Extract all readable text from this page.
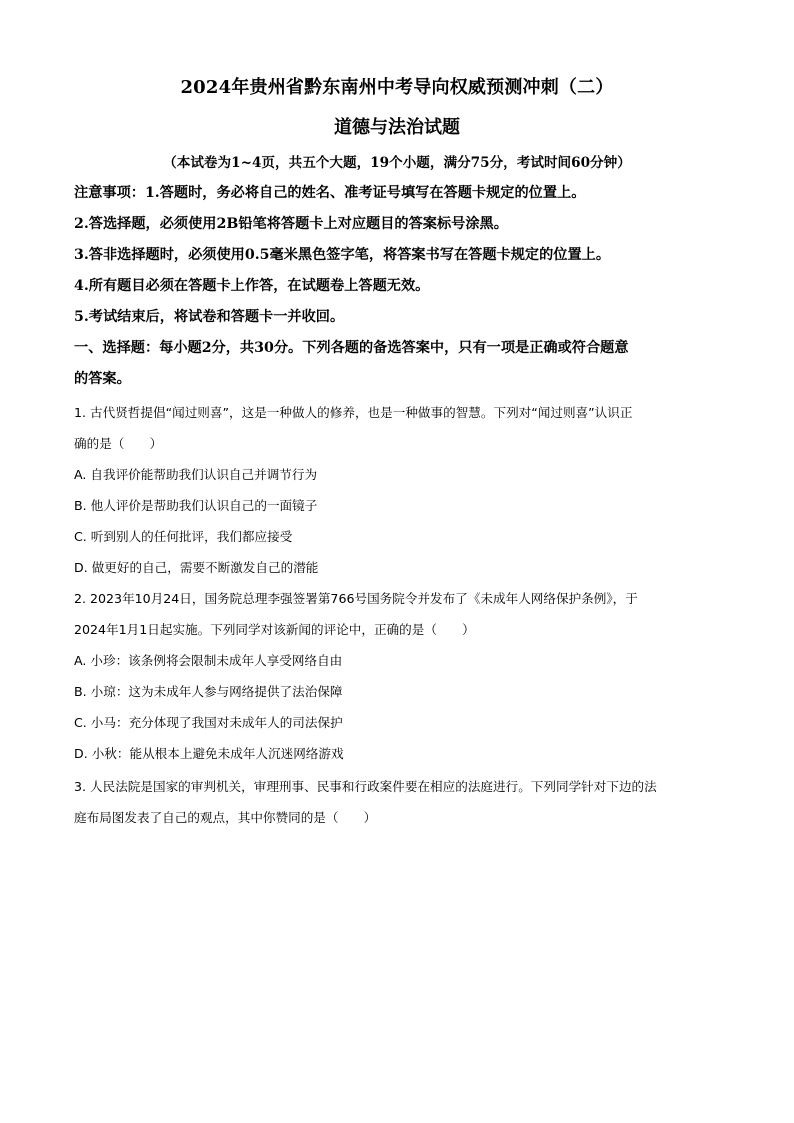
2024年贵州省黔东南州中考导向权威预测冲刺（二）
道德与法治试题
（本试卷为1~4页，共五个大题，19个小题，满分75分，考试时间60分钟）
注意事项：1.答题时，务必将自己的姓名、准考证号填写在答题卡规定的位置上。
2.答选择题，必须使用2B铅笔将答题卡上对应题目的答案标号涂黑。
3.答非选择题时，必须使用0.5毫米黑色签字笔，将答案书写在答题卡规定的位置上。
4.所有题目必须在答题卡上作答，在试题卷上答题无效。
5.考试结束后，将试卷和答题卡一并收回。
一、选择题：每小题2分，共30分。下列各题的备选答案中，只有一项是正确或符合题意
的答案。
1. 古代贤哲提倡“闻过则喜”，这是一种做人的修养，也是一种做事的智慧。下列对“闻过则喜”认识正
确的是（　　）
A. 自我评价能帮助我们认识自己并调节行为
B. 他人评价是帮助我们认识自己的一面镜子
C. 听到别人的任何批评，我们都应接受
D. 做更好的自己，需要不断激发自己的潜能
2. 2023年10月24日，国务院总理李强签署第766号国务院令并发布了《未成年人网络保护条例》，于
2024年1月1日起实施。下列同学对该新闻的评论中，正确的是（　　）
A. 小珍：该条例将会限制未成年人享受网络自由
B. 小琼：这为未成年人参与网络提供了法治保障
C. 小马：充分体现了我国对未成年人的司法保护
D. 小秋：能从根本上避免未成年人沉迷网络游戏
3. 人民法院是国家的审判机关，审理刑事、民事和行政案件要在相应的法庭进行。下列同学针对下边的法
庭布局图发表了自己的观点，其中你赞同的是（　　）
